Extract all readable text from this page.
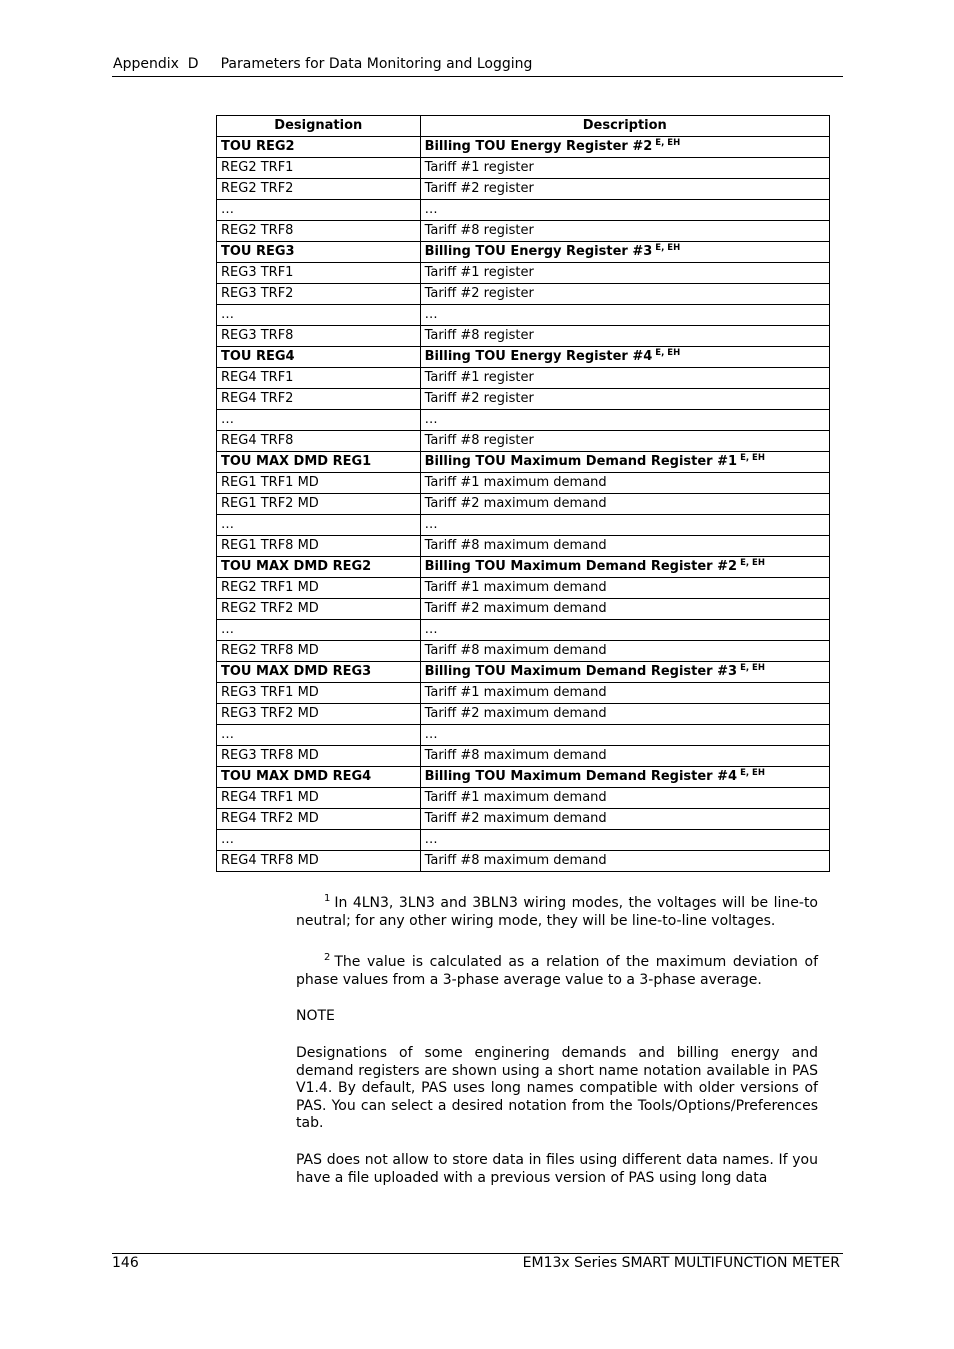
Appendix  D Parameters for Data Monitoring and Logging
Designation	Description
TOU REG2	Billing TOU Energy Register #2 $^{E, EH}$
REG2 TRF1	Tariff #1 register
REG2 TRF2	Tariff #2 register
…	…
REG2 TRF8	Tariff #8 register
TOU REG3	Billing TOU Energy Register #3 $^{E, EH}$
REG3 TRF1	Tariff #1 register
REG3 TRF2	Tariff #2 register
…	…
REG3 TRF8	Tariff #8 register
TOU REG4	Billing TOU Energy Register #4 $^{E, EH}$
REG4 TRF1	Tariff #1 register
REG4 TRF2	Tariff #2 register
…	…
REG4 TRF8	Tariff #8 register
TOU MAX DMD REG1	Billing TOU Maximum Demand Register #1 $^{E, EH}$
REG1 TRF1 MD	Tariff #1 maximum demand
REG1 TRF2 MD	Tariff #2 maximum demand
…	…
REG1 TRF8 MD	Tariff #8 maximum demand
TOU MAX DMD REG2	Billing TOU Maximum Demand Register #2 $^{E, EH}$
REG2 TRF1 MD	Tariff #1 maximum demand
REG2 TRF2 MD	Tariff #2 maximum demand
…	…
REG2 TRF8 MD	Tariff #8 maximum demand
TOU MAX DMD REG3	Billing TOU Maximum Demand Register #3 $^{E, EH}$
REG3 TRF1 MD	Tariff #1 maximum demand
REG3 TRF2 MD	Tariff #2 maximum demand
…	…
REG3 TRF8 MD	Tariff #8 maximum demand
TOU MAX DMD REG4	Billing TOU Maximum Demand Register #4 $^{E, EH}$
REG4 TRF1 MD	Tariff #1 maximum demand
REG4 TRF2 MD	Tariff #2 maximum demand
…	…
REG4 TRF8 MD	Tariff #8 maximum demand

$^1$ In 4LN3, 3LN3 and 3BLN3 wiring modes, the voltages will be line-to neutral; for any other wiring mode, they will be line-to-line voltages.

$^2$ The value is calculated as a relation of the maximum deviation of phase values from a 3-phase average value to a 3-phase average.

NOTE

Designations of some enginering demands and billing energy and demand registers are shown using a short name notation available in PAS V1.4. By default, PAS uses long names compatible with older versions of PAS. You can select a desired notation from the Tools/Options/Preferences tab.

PAS does not allow to store data in files using different data names. If you have a file uploaded with a previous version of PAS using long data

146	EM13x Series SMART MULTIFUNCTION METER
